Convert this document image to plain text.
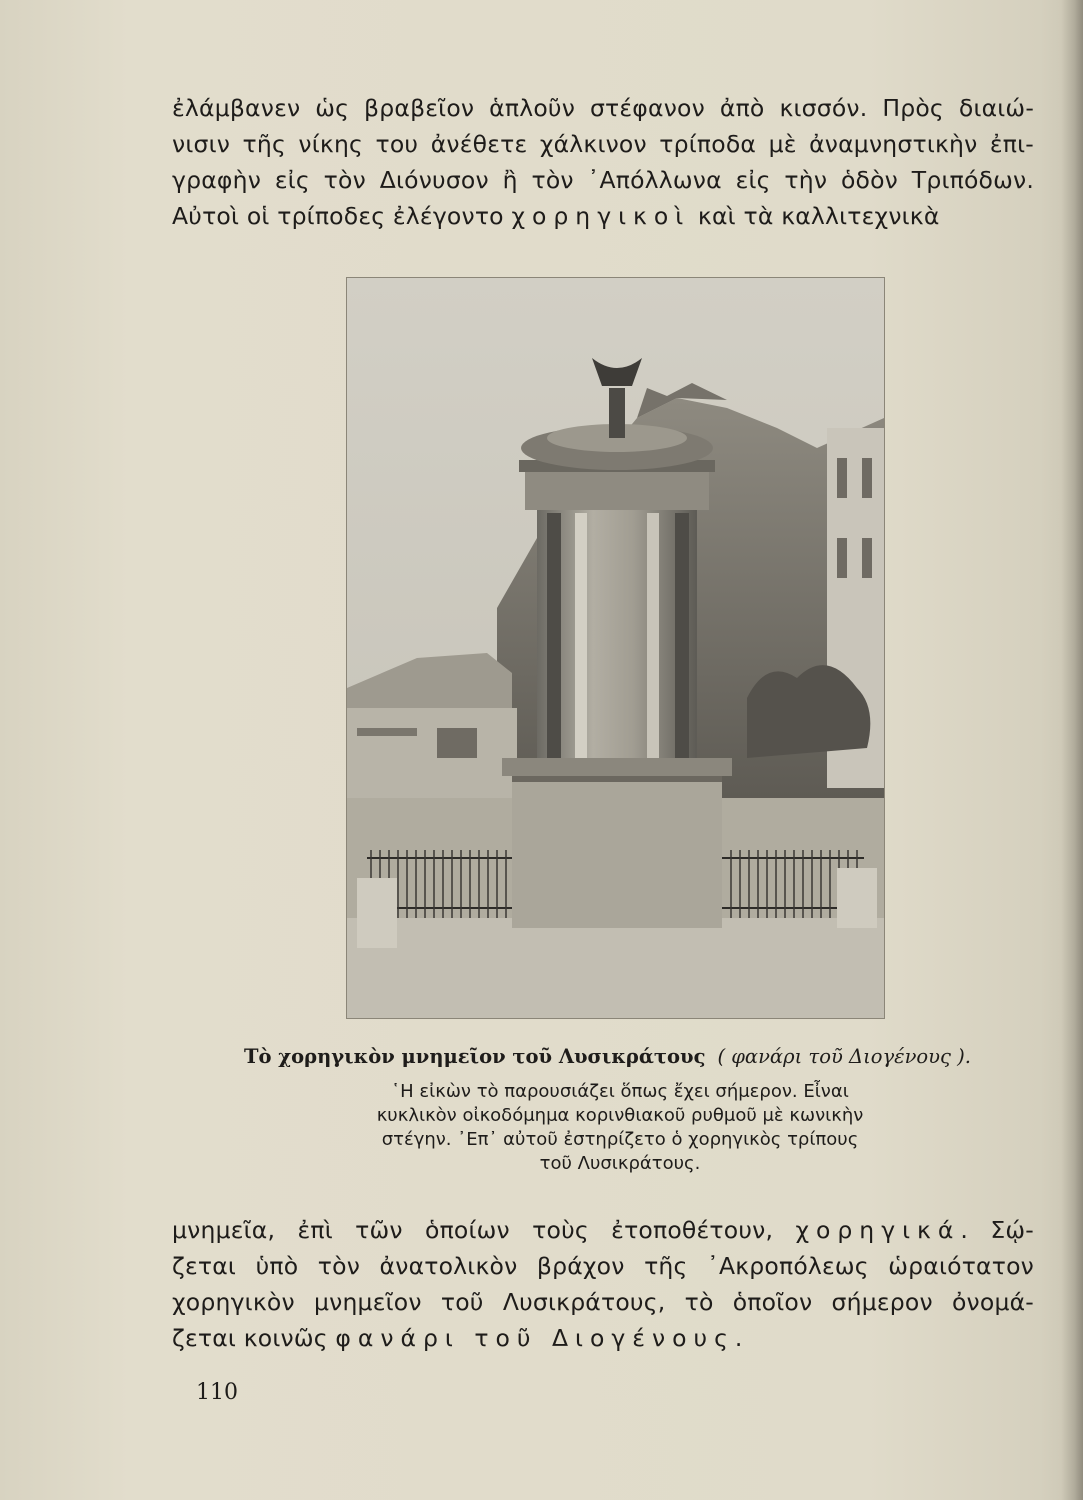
ἐλάμβανεν ὡς βραβεῖον ἁπλοῦν στέφανον ἀπὸ κισσόν. Πρὸς διαιώ-
νισιν τῆς νίκης του ἀνέθετε χάλκινον τρίποδα μὲ ἀναμνηστικὴν ἐπι-
γραφὴν εἰς τὸν Διόνυσον ἢ τὸν ᾿Απόλλωνα εἰς τὴν ὁδὸν Τριπόδων.
Αὐτοὶ οἱ τρίποδες ἐλέγοντο χορηγικοὶ καὶ τὰ καλλιτεχνικὰ
Τὸ χορηγικὸν μνημεῖον τοῦ Λυσικράτους ( φανάρι τοῦ Διογένους ).
῾Η εἰκὼν τὸ παρουσιάζει ὅπως ἔχει σήμερον. Εἶναι
κυκλικὸν οἰκοδόμημα κορινθιακοῦ ρυθμοῦ μὲ κωνικὴν
στέγην. ᾿Επ᾿ αὐτοῦ ἐστηρίζετο ὁ χορηγικὸς τρίπους
τοῦ Λυσικράτους.
μνημεῖα, ἐπὶ τῶν ὁποίων τοὺς ἐτοποθέτουν, χορηγικά. Σῴ-
ζεται ὑπὸ τὸν ἀνατολικὸν βράχον τῆς ᾿Ακροπόλεως ὡραιότατον
χορηγικὸν μνημεῖον τοῦ Λυσικράτους, τὸ ὁποῖον σήμερον ὀνομά-
ζεται κοινῶς φανάρι τοῦ Διογένους.
110
